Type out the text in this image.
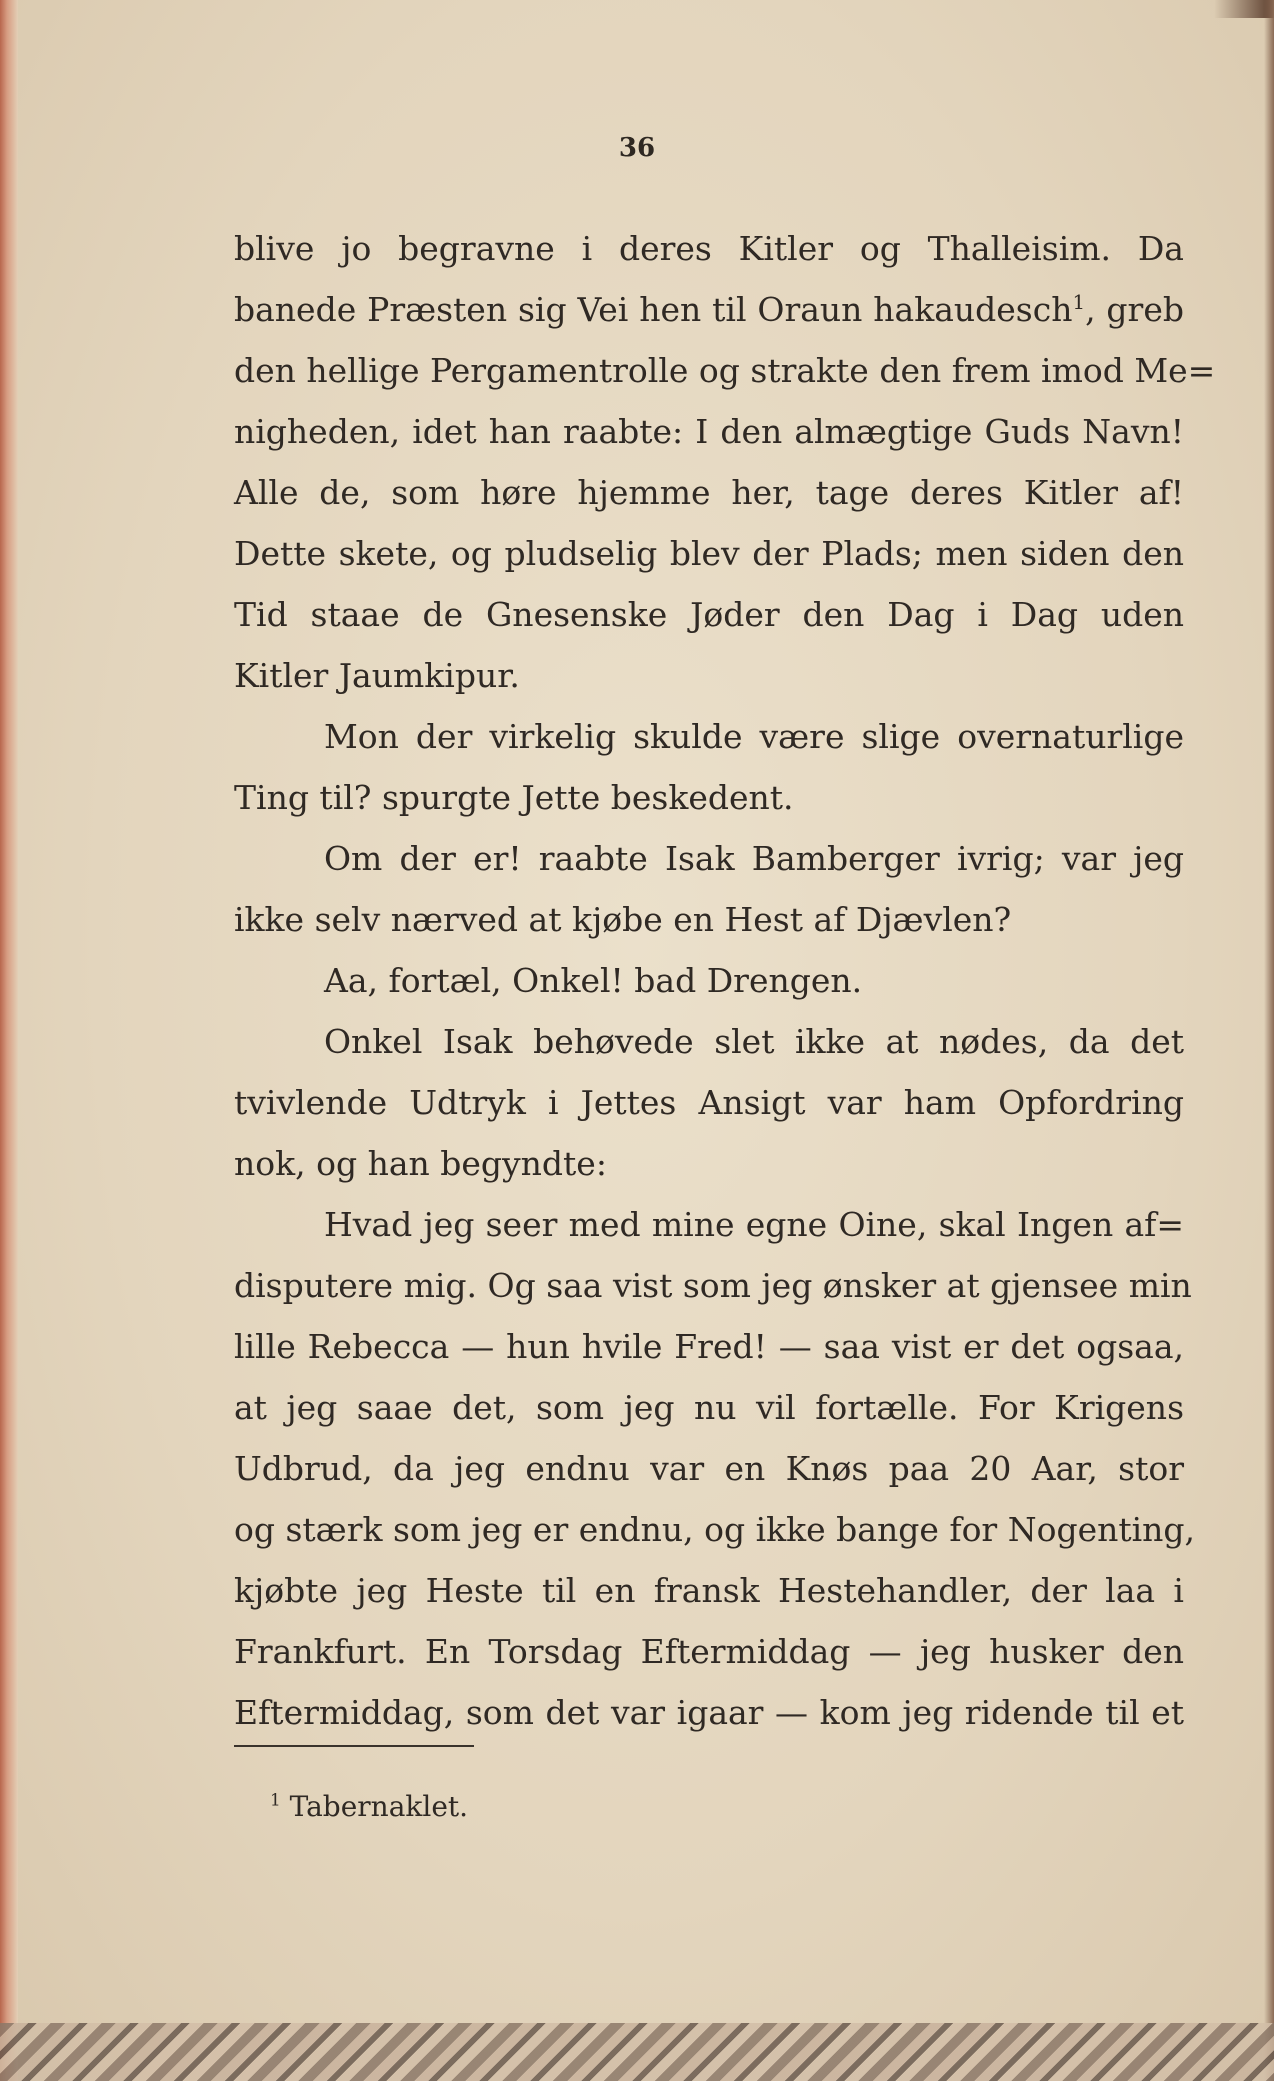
36
blive jo begravne i deres Kitler og Thalleisim. Da
banede Præsten sig Vei hen til Oraun hakaudesch$^1$, greb
den hellige Pergamentrolle og strakte den frem imod Me=
nigheden, idet han raabte: I den almægtige Guds Navn!
Alle de, som høre hjemme her, tage deres Kitler af!
Dette skete, og pludselig blev der Plads; men siden den
Tid staae de Gnesenske Jøder den Dag i Dag uden
Kitler Jaumkipur.
Mon der virkelig skulde være slige overnaturlige
Ting til? spurgte Jette beskedent.
Om der er! raabte Isak Bamberger ivrig; var jeg
ikke selv nærved at kjøbe en Hest af Djævlen?
Aa, fortæl, Onkel! bad Drengen.
Onkel Isak behøvede slet ikke at nødes, da det
tvivlende Udtryk i Jettes Ansigt var ham Opfordring
nok, og han begyndte:
Hvad jeg seer med mine egne Oine, skal Ingen af=
disputere mig. Og saa vist som jeg ønsker at gjensee min
lille Rebecca — hun hvile Fred! — saa vist er det ogsaa,
at jeg saae det, som jeg nu vil fortælle. For Krigens
Udbrud, da jeg endnu var en Knøs paa 20 Aar, stor
og stærk som jeg er endnu, og ikke bange for Nogenting,
kjøbte jeg Heste til en fransk Hestehandler, der laa i
Frankfurt. En Torsdag Eftermiddag — jeg husker den
Eftermiddag, som det var igaar — kom jeg ridende til et
$^1$ Tabernaklet.
